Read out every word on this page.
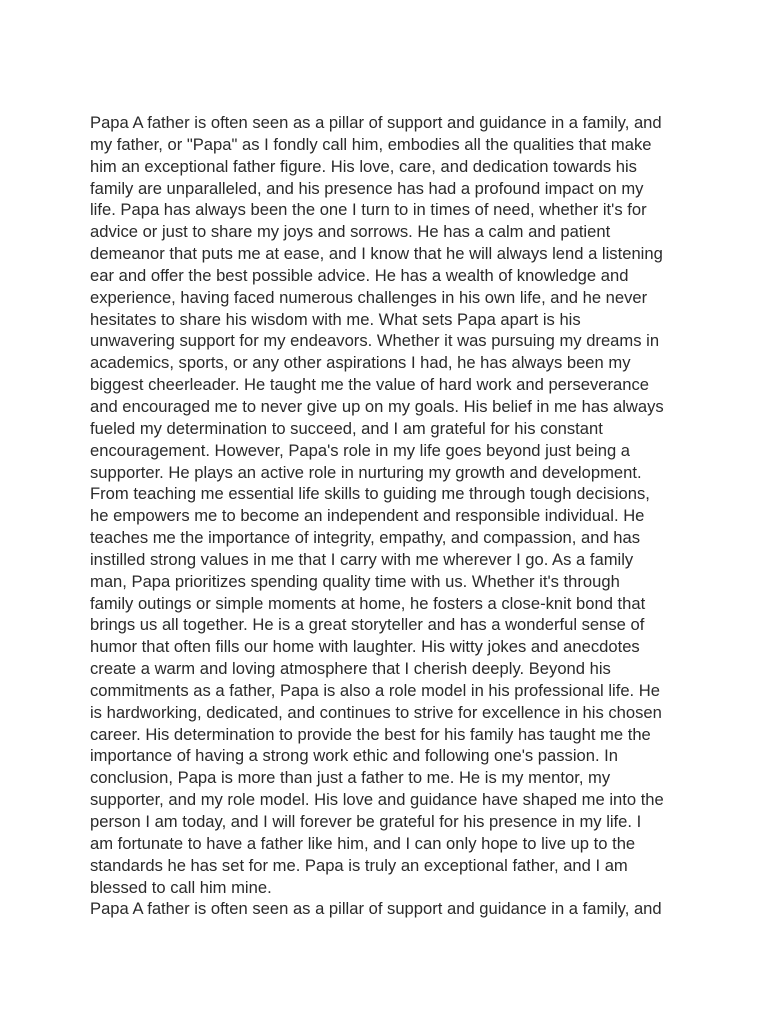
Papa A father is often seen as a pillar of support and guidance in a family, and
my father, or "Papa" as I fondly call him, embodies all the qualities that make
him an exceptional father figure. His love, care, and dedication towards his
family are unparalleled, and his presence has had a profound impact on my
life. Papa has always been the one I turn to in times of need, whether it's for
advice or just to share my joys and sorrows. He has a calm and patient
demeanor that puts me at ease, and I know that he will always lend a listening
ear and offer the best possible advice. He has a wealth of knowledge and
experience, having faced numerous challenges in his own life, and he never
hesitates to share his wisdom with me. What sets Papa apart is his
unwavering support for my endeavors. Whether it was pursuing my dreams in
academics, sports, or any other aspirations I had, he has always been my
biggest cheerleader. He taught me the value of hard work and perseverance
and encouraged me to never give up on my goals. His belief in me has always
fueled my determination to succeed, and I am grateful for his constant
encouragement. However, Papa's role in my life goes beyond just being a
supporter. He plays an active role in nurturing my growth and development.
From teaching me essential life skills to guiding me through tough decisions,
he empowers me to become an independent and responsible individual. He
teaches me the importance of integrity, empathy, and compassion, and has
instilled strong values in me that I carry with me wherever I go. As a family
man, Papa prioritizes spending quality time with us. Whether it's through
family outings or simple moments at home, he fosters a close-knit bond that
brings us all together. He is a great storyteller and has a wonderful sense of
humor that often fills our home with laughter. His witty jokes and anecdotes
create a warm and loving atmosphere that I cherish deeply. Beyond his
commitments as a father, Papa is also a role model in his professional life. He
is hardworking, dedicated, and continues to strive for excellence in his chosen
career. His determination to provide the best for his family has taught me the
importance of having a strong work ethic and following one's passion. In
conclusion, Papa is more than just a father to me. He is my mentor, my
supporter, and my role model. His love and guidance have shaped me into the
person I am today, and I will forever be grateful for his presence in my life. I
am fortunate to have a father like him, and I can only hope to live up to the
standards he has set for me. Papa is truly an exceptional father, and I am
blessed to call him mine.
Papa A father is often seen as a pillar of support and guidance in a family, and
